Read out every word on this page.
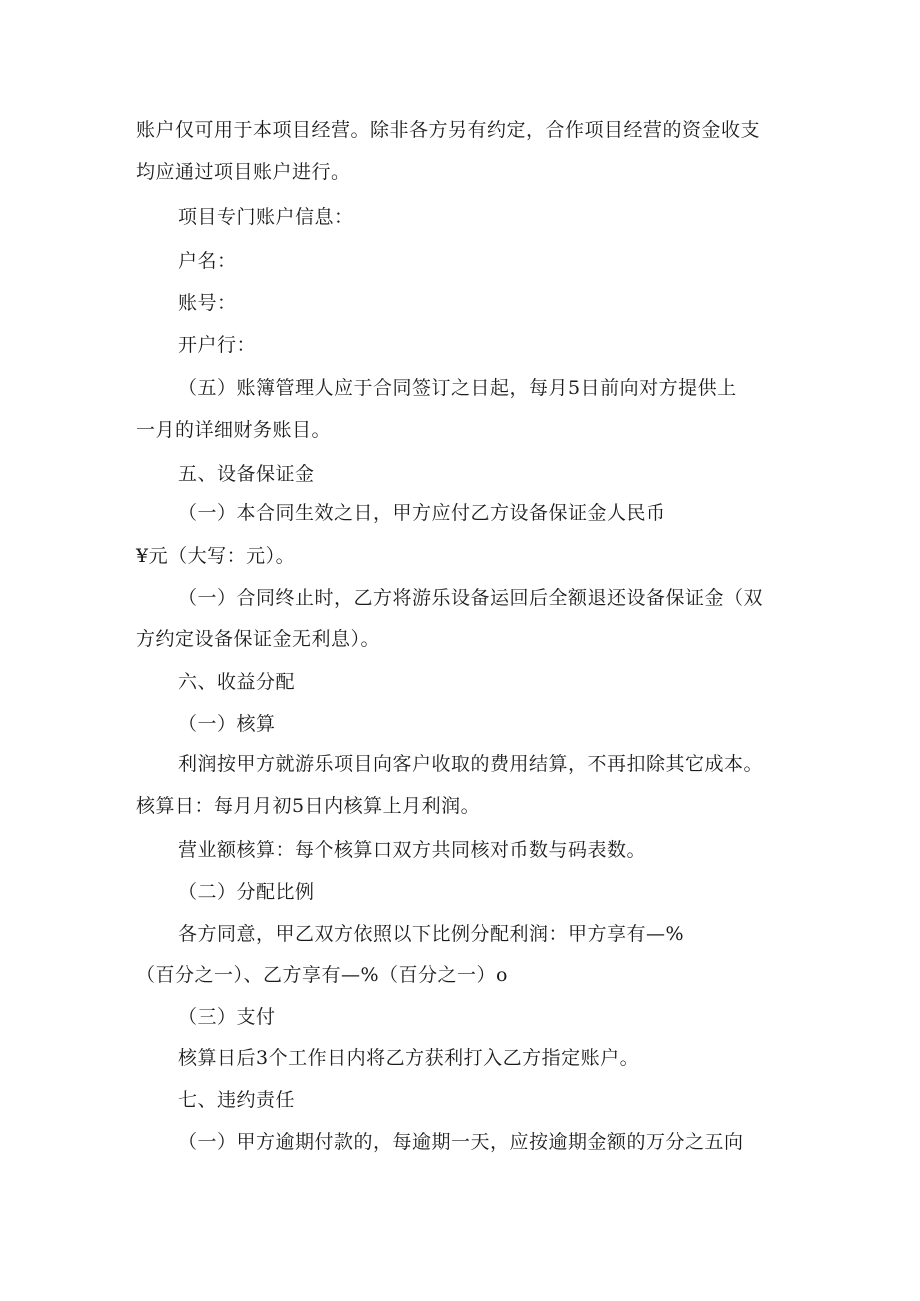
账户仅可用于本项目经营。除非各方另有约定，合作项目经营的资金收支
均应通过项目账户进行。
项目专门账户信息：
户名：
账号：
开户行：
（五）账簿管理人应于合同签订之日起，每月5日前向对方提供上
一月的详细财务账目。
五、设备保证金
（一）本合同生效之日，甲方应付乙方设备保证金人民币
¥元（大写：元）。
（一）合同终止时，乙方将游乐设备运回后全额退还设备保证金（双
方约定设备保证金无利息）。
六、收益分配
（一）核算
利润按甲方就游乐项目向客户收取的费用结算，不再扣除其它成本。
核算日：每月月初5日内核算上月利润。
营业额核算：每个核算口双方共同核对币数与码表数。
（二）分配比例
各方同意，甲乙双方依照以下比例分配利润：甲方享有—%
（百分之一）、乙方享有—%（百分之一）o
（三）支付
核算日后3个工作日内将乙方获利打入乙方指定账户。
七、违约责任
（一）甲方逾期付款的，每逾期一天，应按逾期金额的万分之五向
